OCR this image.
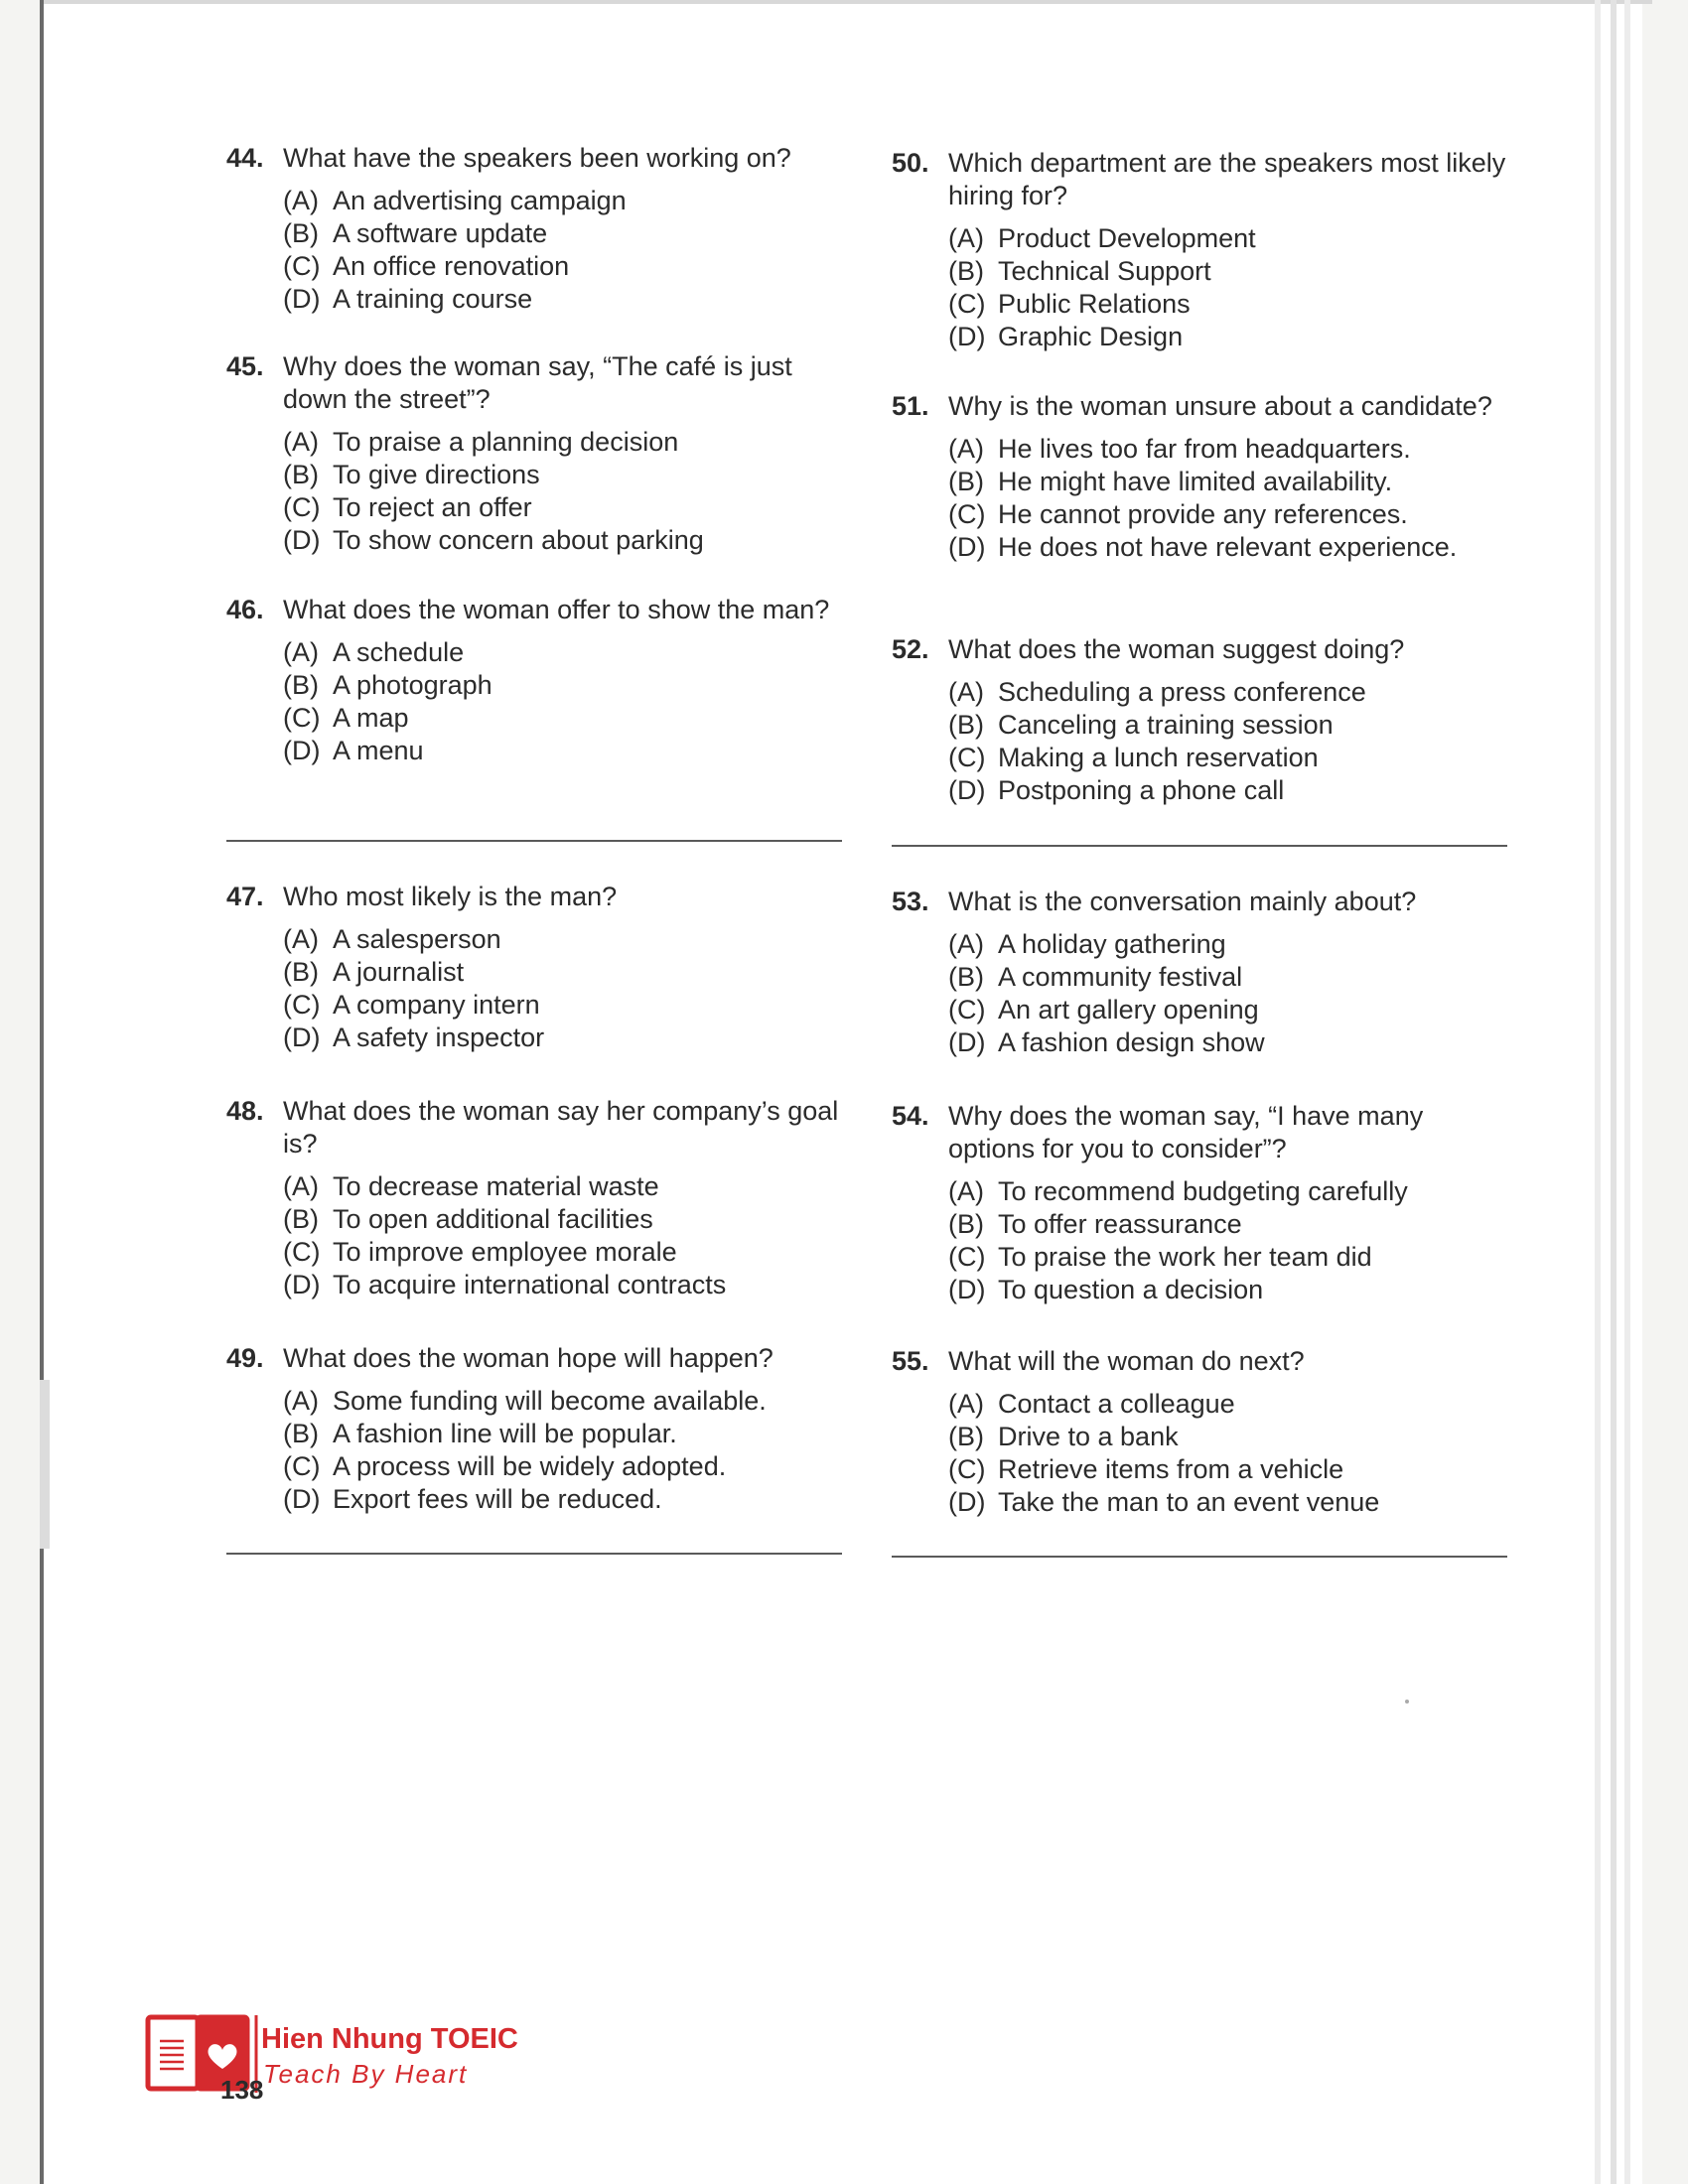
44. What have the speakers been working on?
(A) An advertising campaign
(B) A software update
(C) An office renovation
(D) A training course
45. Why does the woman say, “The café is just down the street”?
(A) To praise a planning decision
(B) To give directions
(C) To reject an offer
(D) To show concern about parking
46. What does the woman offer to show the man?
(A) A schedule
(B) A photograph
(C) A map
(D) A menu
47. Who most likely is the man?
(A) A salesperson
(B) A journalist
(C) A company intern
(D) A safety inspector
48. What does the woman say her company’s goal is?
(A) To decrease material waste
(B) To open additional facilities
(C) To improve employee morale
(D) To acquire international contracts
49. What does the woman hope will happen?
(A) Some funding will become available.
(B) A fashion line will be popular.
(C) A process will be widely adopted.
(D) Export fees will be reduced.
50. Which department are the speakers most likely hiring for?
(A) Product Development
(B) Technical Support
(C) Public Relations
(D) Graphic Design
51. Why is the woman unsure about a candidate?
(A) He lives too far from headquarters.
(B) He might have limited availability.
(C) He cannot provide any references.
(D) He does not have relevant experience.
52. What does the woman suggest doing?
(A) Scheduling a press conference
(B) Canceling a training session
(C) Making a lunch reservation
(D) Postponing a phone call
53. What is the conversation mainly about?
(A) A holiday gathering
(B) A community festival
(C) An art gallery opening
(D) A fashion design show
54. Why does the woman say, “I have many options for you to consider”?
(A) To recommend budgeting carefully
(B) To offer reassurance
(C) To praise the work her team did
(D) To question a decision
55. What will the woman do next?
(A) Contact a colleague
(B) Drive to a bank
(C) Retrieve items from a vehicle
(D) Take the man to an event venue
Hien Nhung TOEIC
Teach By Heart
138
